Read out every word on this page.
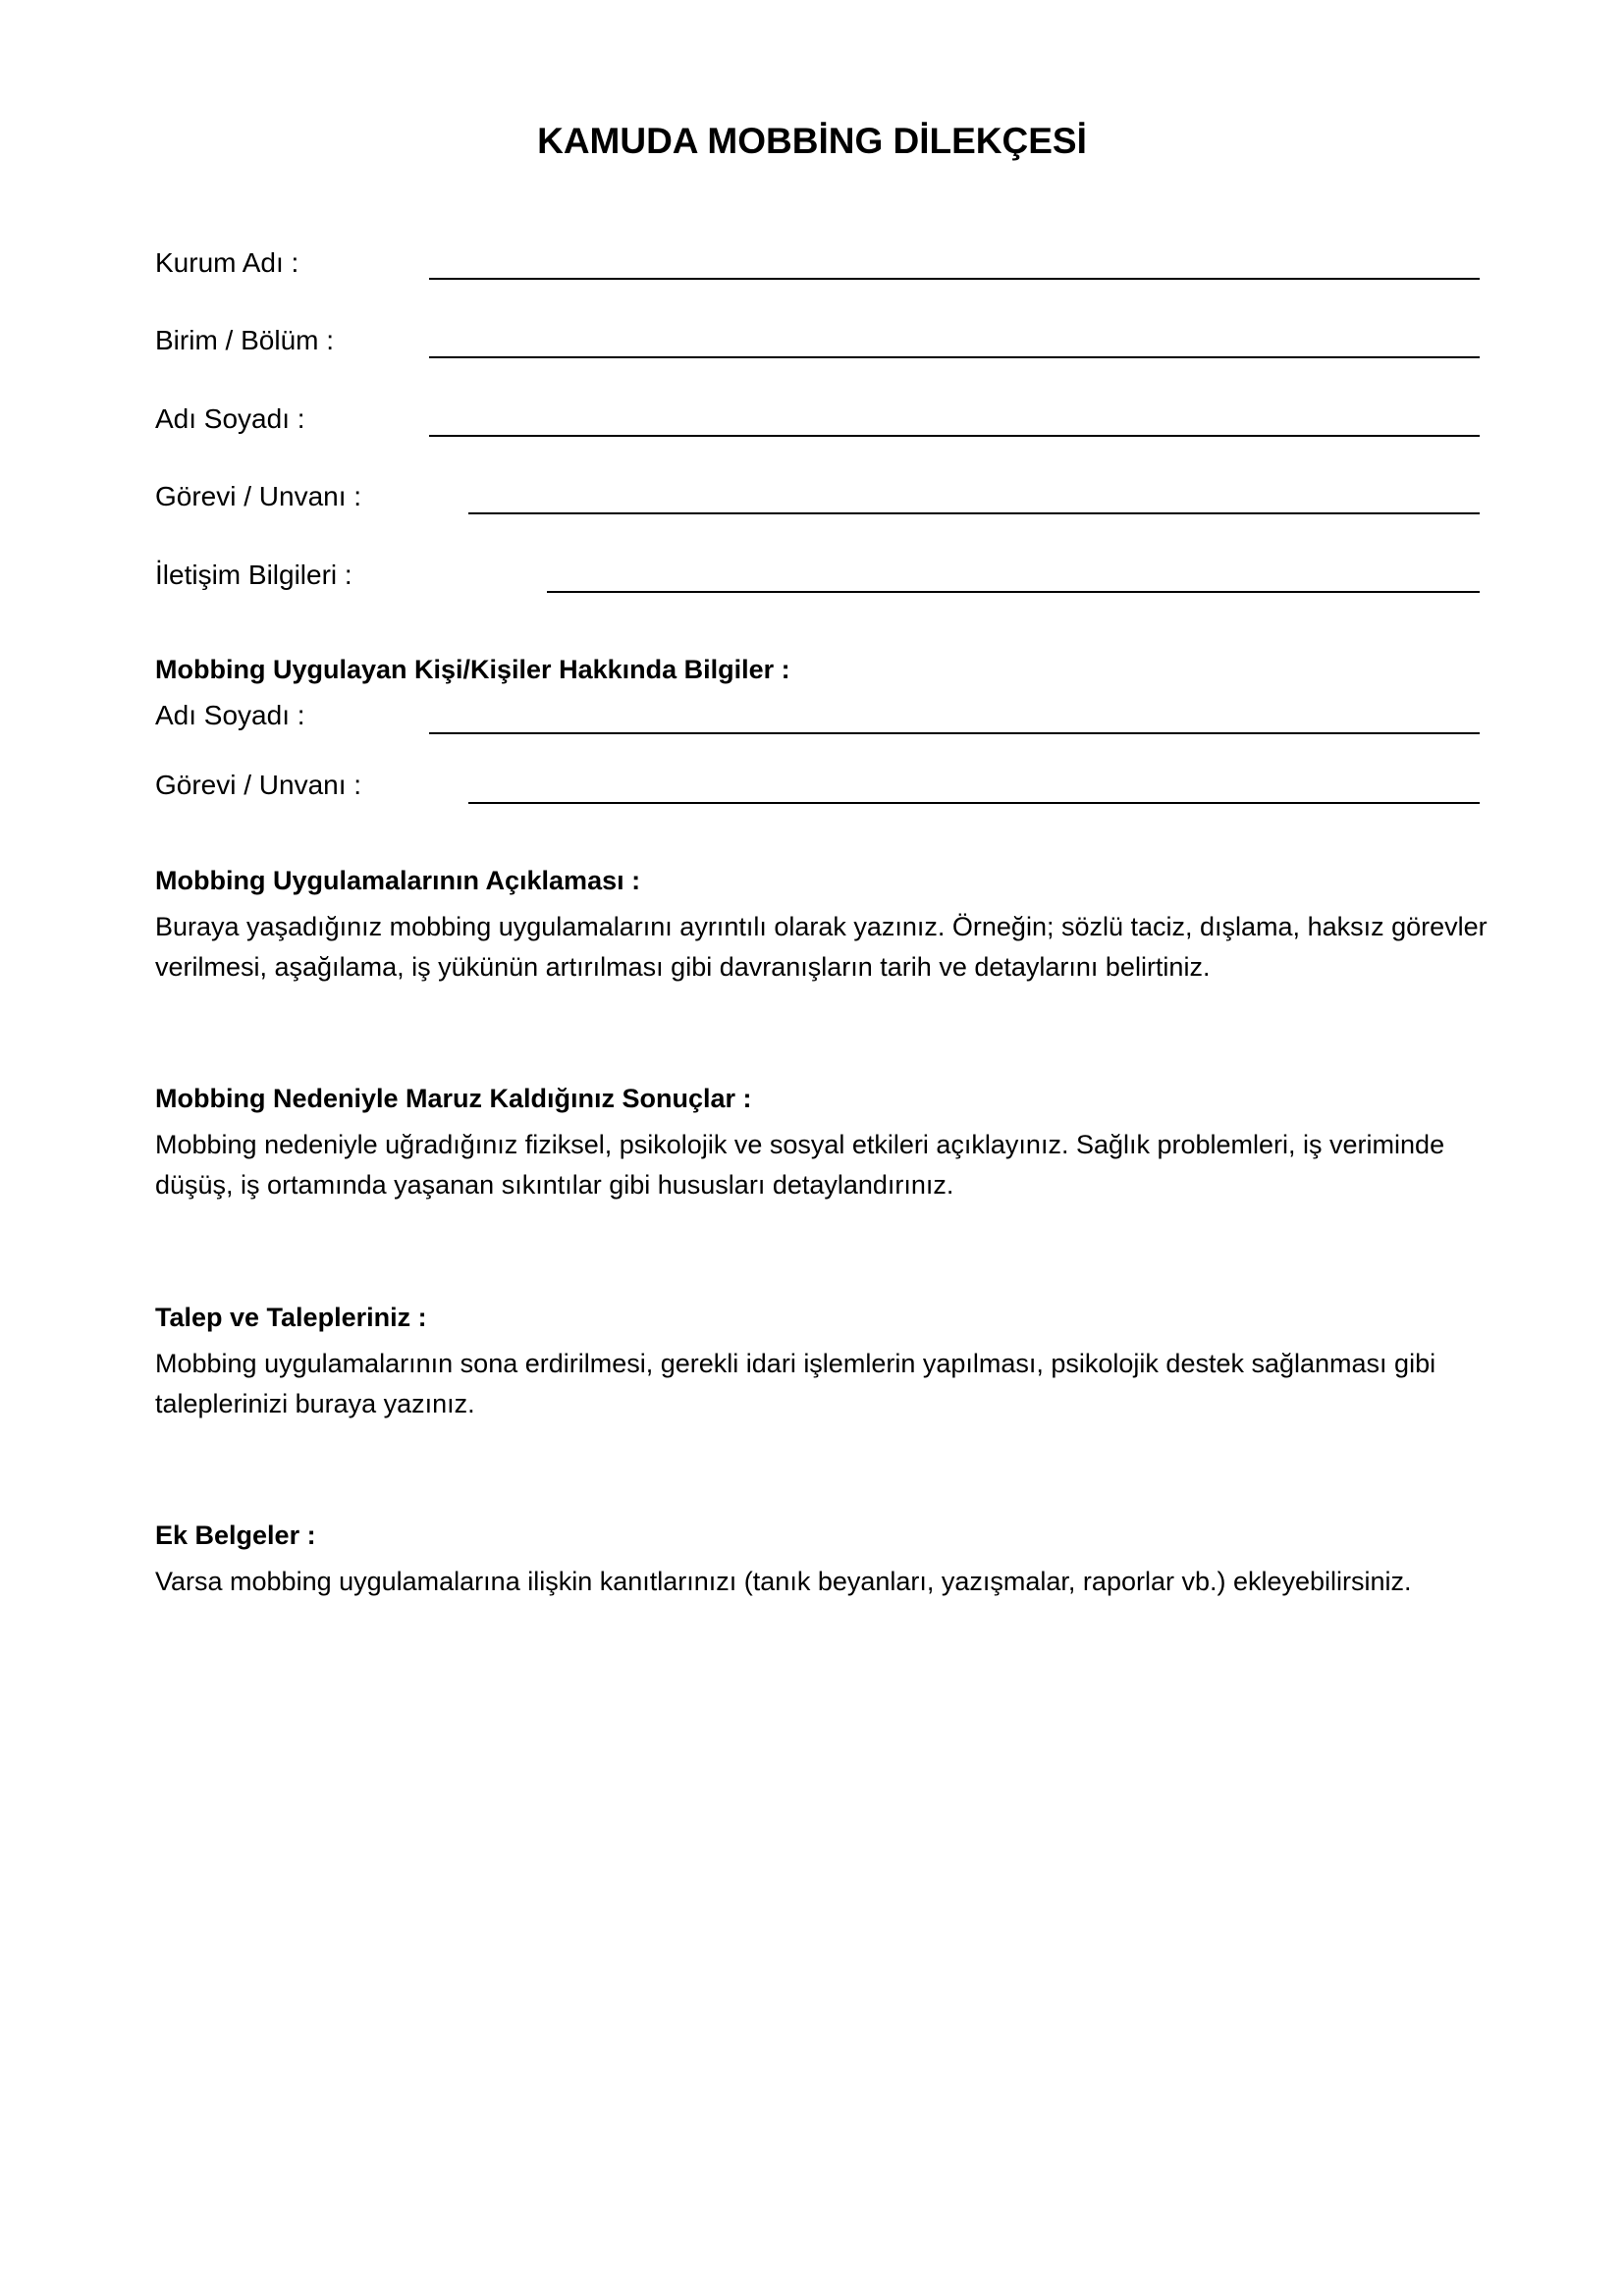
KAMUDA MOBBİNG DİLEKÇESİ
Kurum Adı :
Birim / Bölüm :
Adı Soyadı :
Görevi / Unvanı :
İletişim Bilgileri :
Mobbing Uygulayan Kişi/Kişiler Hakkında Bilgiler :
Adı Soyadı :
Görevi / Unvanı :
Mobbing Uygulamalarının Açıklaması :
Buraya yaşadığınız mobbing uygulamalarını ayrıntılı olarak yazınız. Örneğin; sözlü taciz, dışlama, haksız görevler verilmesi, aşağılama, iş yükünün artırılması gibi davranışların tarih ve detaylarını belirtiniz.
Mobbing Nedeniyle Maruz Kaldığınız Sonuçlar :
Mobbing nedeniyle uğradığınız fiziksel, psikolojik ve sosyal etkileri açıklayınız. Sağlık problemleri, iş veriminde düşüş, iş ortamında yaşanan sıkıntılar gibi hususları detaylandırınız.
Talep ve Talepleriniz :
Mobbing uygulamalarının sona erdirilmesi, gerekli idari işlemlerin yapılması, psikolojik destek sağlanması gibi taleplerinizi buraya yazınız.
Ek Belgeler :
Varsa mobbing uygulamalarına ilişkin kanıtlarınızı (tanık beyanları, yazışmalar, raporlar vb.) ekleyebilirsiniz.
